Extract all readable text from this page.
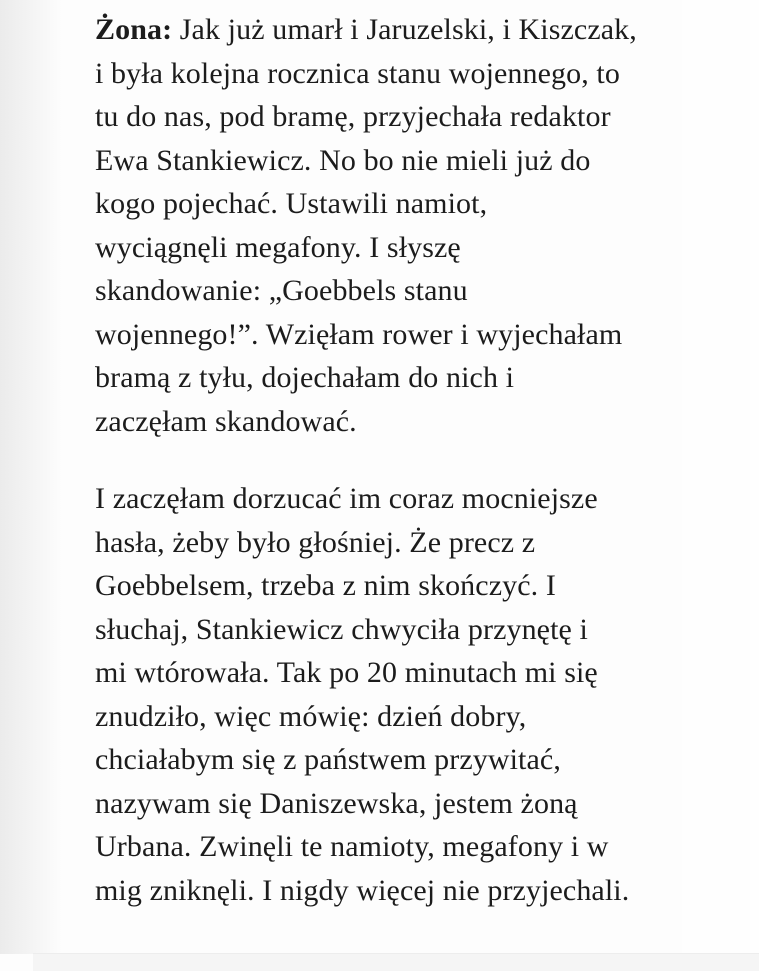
Żona: Jak już umarł i Jaruzelski, i Kiszczak,
i była kolejna rocznica stanu wojennego, to
tu do nas, pod bramę, przyjechała redaktor
Ewa Stankiewicz. No bo nie mieli już do
kogo pojechać. Ustawili namiot,
wyciągnęli megafony. I słyszę
skandowanie: „Goebbels stanu
wojennego!”. Wzięłam rower i wyjechałam
bramą z tyłu, dojechałam do nich i
zaczęłam skandować.
I zaczęłam dorzucać im coraz mocniejsze
hasła, żeby było głośniej. Że precz z
Goebbelsem, trzeba z nim skończyć. I
słuchaj, Stankiewicz chwyciła przynętę i
mi wtórowała. Tak po 20 minutach mi się
znudziło, więc mówię: dzień dobry,
chciałabym się z państwem przywitać,
nazywam się Daniszewska, jestem żoną
Urbana. Zwinęli te namioty, megafony i w
mig zniknęli. I nigdy więcej nie przyjechali.
